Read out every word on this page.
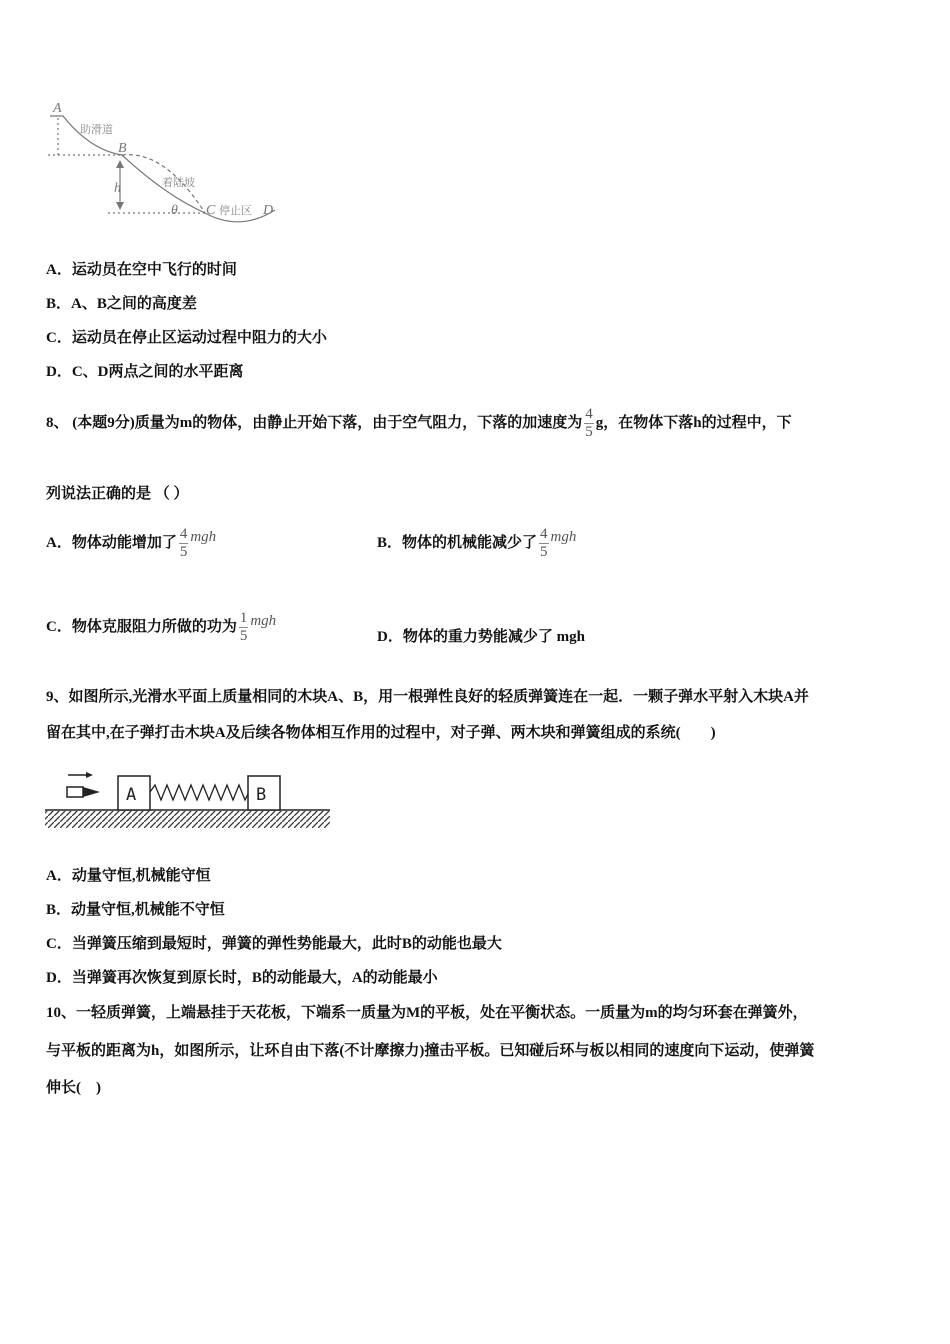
A
B
h
θ C	D
助滑道
着陆坡
停止区
A．运动员在空中飞行的时间
B．A、B之间的高度差
C．运动员在停止区运动过程中阻力的大小
D．C、D两点之间的水平距离
8、 (本题9分)质量为m的物体，由静止开始下落，由于空气阻力，下落的加速度为 $\frac{4}{5}$ g，在物体下落h的过程中，下
列说法正确的是 （ ）
A．物体动能增加了 $\frac{4}{5}$ mgh	B．物体的机械能减少了 $\frac{4}{5}$ mgh
C．物体克服阻力所做的功为 $\frac{1}{5}$ mgh
D．物体的重力势能减少了 mgh
9、如图所示,光滑水平面上质量相同的木块A、B，用一根弹性良好的轻质弹簧连在一起．一颗子弹水平射入木块A并
留在其中,在子弹打击木块A及后续各物体相互作用的过程中，对子弹、两木块和弹簧组成的系统(　　)
A	B
A．动量守恒,机械能守恒
B．动量守恒,机械能不守恒
C．当弹簧压缩到最短时，弹簧的弹性势能最大，此时B的动能也最大
D．当弹簧再次恢复到原长时，B的动能最大，A的动能最小
10、一轻质弹簧，上端悬挂于天花板，下端系一质量为M的平板，处在平衡状态。一质量为m的均匀环套在弹簧外，
与平板的距离为h，如图所示，让环自由下落(不计摩擦力)撞击平板。已知碰后环与板以相同的速度向下运动，使弹簧
伸长(　)
